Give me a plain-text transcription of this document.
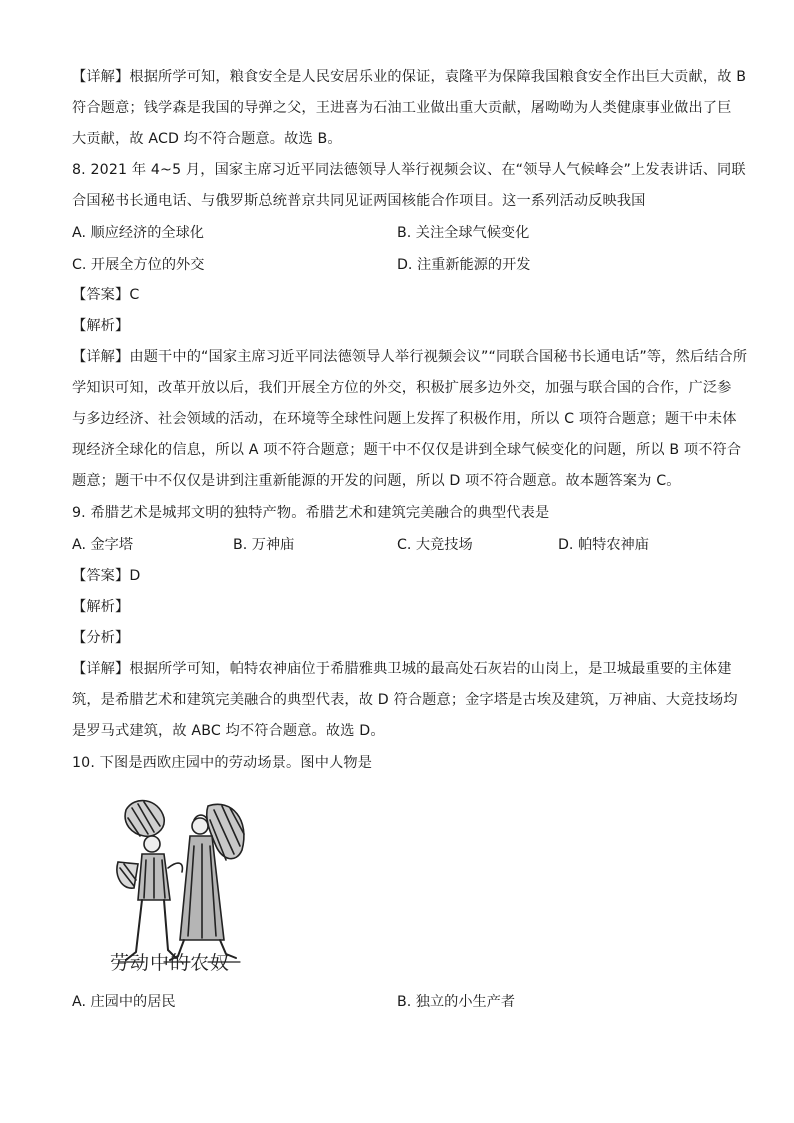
【详解】根据所学可知，粮食安全是人民安居乐业的保证，袁隆平为保障我国粮食安全作出巨大贡献，故 B
符合题意；钱学森是我国的导弹之父，王进喜为石油工业做出重大贡献，屠呦呦为人类健康事业做出了巨
大贡献，故 ACD 均不符合题意。故选 B。
8. 2021 年 4~5 月，国家主席习近平同法德领导人举行视频会议、在“领导人气候峰会”上发表讲话、同联
合国秘书长通电话、与俄罗斯总统普京共同见证两国核能合作项目。这一系列活动反映我国
A. 顺应经济的全球化	B. 关注全球气候变化
C. 开展全方位的外交	D. 注重新能源的开发
【答案】C
【解析】
【详解】由题干中的“国家主席习近平同法德领导人举行视频会议”“同联合国秘书长通电话”等，然后结合所
学知识可知，改革开放以后，我们开展全方位的外交，积极扩展多边外交，加强与联合国的合作，广泛参
与多边经济、社会领域的活动，在环境等全球性问题上发挥了积极作用，所以 C 项符合题意；题干中未体
现经济全球化的信息，所以 A 项不符合题意；题干中不仅仅是讲到全球气候变化的问题，所以 B 项不符合
题意；题干中不仅仅是讲到注重新能源的开发的问题，所以 D 项不符合题意。故本题答案为 C。
9. 希腊艺术是城邦文明的独特产物。希腊艺术和建筑完美融合的典型代表是
A. 金字塔	B. 万神庙	C. 大竞技场	D. 帕特农神庙
【答案】D
【解析】
【分析】
【详解】根据所学可知，帕特农神庙位于希腊雅典卫城的最高处石灰岩的山岗上，是卫城最重要的主体建
筑，是希腊艺术和建筑完美融合的典型代表，故 D 符合题意；金字塔是古埃及建筑，万神庙、大竞技场均
是罗马式建筑，故 ABC 均不符合题意。故选 D。
10. 下图是西欧庄园中的劳动场景。图中人物是
劳动中的农奴
A. 庄园中的居民	B. 独立的小生产者
